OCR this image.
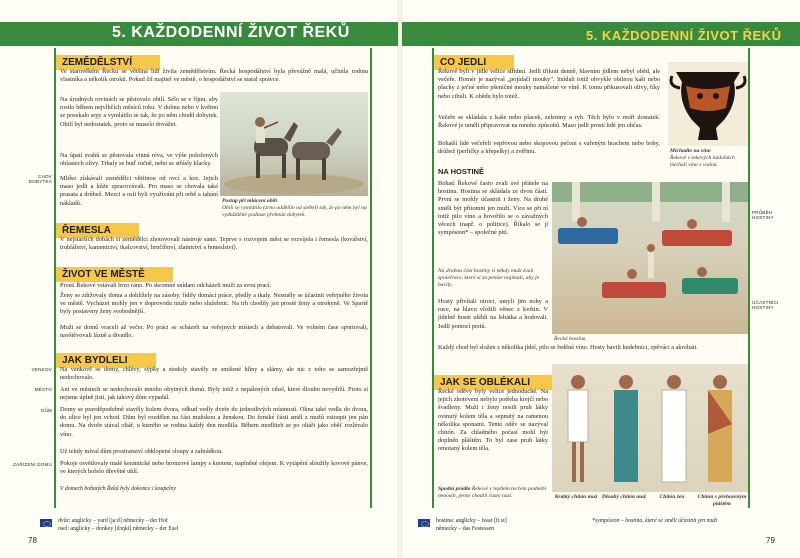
5. KAŽDODENNÍ ŽIVOT ŘEKŮ	5. KAŽDODENNÍ ŽIVOT ŘEKŮ
ZEMĚDĚLSTVÍ
Ve starověkém Řecku se většina lidí živila zemědělstvím. Řecká hospodářství byla převážně malá, učinila rodinu vlastníka a několik otroků. Pokud žil majitel ve městě, o hospodářství se staral správce.
Na úrodných rovinách se pěstovalo obilí. Sélo se v říjnu, aby rostlo během nejvlhčích měsíců roku. V dubnu nebo v květnu se posekalo srpy a vymlátilo se tak, že po něm chodil dobytek. Obilí byl nedostatek, proto se muselo dovážet.
Na úpatí svahů se pěstovala vinná réva, ve výše položených oblastech olivy. Trhaly se buď ručně, nebo se střásly klacky.
Mléko získávali zemědělci většinou od ovcí a koz. Jejich maso jedli a kůže zpracovávali. Pro maso se chovala také prasata a drůbež. Mezci a osli byli využíváni při orbě a tahání nákladů.	Postup při mlácení obilí
Obilí se vymlátilo (zrno oddělilo od stébel) tak, že po něm byl na vydlážděné podlaze přehnán dobytek.
ŘEMESLA
V nejstarších dobách si zemědělci zhotovovali nástroje sami. Teprve s rozvojem měst se rozvíjela i řemesla (kovářství, truhlářství, kamenictví, tkalcovství, hrnčířství, zlatnictví a řemeslství).
ŽIVOT VE MĚSTĚ
Prostí Řekové vstávali brzo ráno. Po skromné snídani odcházeli muži za svou prací.
Ženy se zdržovaly doma a dohlížely na zásoby, řídily domácí práce, předly a tkaly. Nesměly se účastnit veřejného života ve městě. Vycházet mohly jen v doprovodu muže nebo služebnic. Na trh chodily jen prosté ženy a otrokyně. Ve Spartě byly postaveny ženy svobodnější.
Muži se domů vraceli až večer. Po práci se scházeli na veřejných místech a debatovali. Ve volném čase sportovali, navštěvovali lázně a divadlo.
JAK BYDLELI
Na venkově se domy, chlévy, sýpky a stodoly stavěly ze smíšené hlíny a slámy, ale nic z toho se samozřejmě nedochovalo.
Ani ve městech se nedochovalo mnoho obytných domů. Byly totiž z nepálených cihel, které dlouho nevydrží. Proto si nejsme úplně jisti, jak takový dům vypadal.
Domy se pravděpodobně stavěly kolem dvora, odkud vedly dveře do jednotlivých místností. Okna také vedla do dvora, do ulice byl jen vchod. Dům byl rozdělen na část mužskou a ženskou. Do ženské části směl z mužů vstoupit jen pán domu. Na dvoře stával oltář, u kterého se rodina každý den modlila. Během modliteb se po oltáři jako oběť rozlévalo víno.
Už tehdy míval dům prostranství obklopené sloupy a zahrádkou.
Pokoje osvětlovaly malé keramické nebo bronzové lampy s knotem, naplněné olejem. K vytápění sloužily kovové pánve, ve kterých hořelo dřevěné uhlí.
V domech bohatých Řeků byly dokonce i koupelny
CHOV DOBYTKA
VENKOV
MĚSTO
DŮM
ZAŘÍZENÍ DOMU
dvůr: anglicky – yard [jaːd] německy – der Hof
osel: anglicky – donkey [dɔŋki] německy – der Esel
78
CO JEDLI
Řekové byli v jídle velice střídmí. Jedli třikrát denně, hlavním jídlem nebyl oběd, ale večeře. Homér je nazýval „pojídači mouky". Snídali totiž obvykle obilnou kaši nebo placky z ječné nebo pšeničné mouky namáčené ve víně. K tomu přikusovali olivy, fíky nebo cibuli. K obědu bylo totéž.
Večeře se skládala z kaše nebo placek, zeleniny a ryb. Těch bylo v moři dostatek. Řekové je uměli připravovat na mnoho způsobů. Maso jedli prostí lidé jen občas.
Bohatší lidé večeřeli vepřovou nebo skopovou pečeni s vařeným hrachem nebo boby, drůbež (perličky a křepelky) a zvěřinu.	Míchadlo na víno
Řekové v takových nádobách míchali víno s vodou.
NA HOSTINĚ
Bohatí Řekové často zvali své přátele na hostinu. Hostina se skládala ze dvou částí. První se mohly účastnit i ženy. Na druhé směli být přítomni jen muži. Více se při ní totiž pilo víno a hovořilo se o závažných věcech (např. o politice). Říkalo se jí sympósion* – společné pití.
Na druhou část hostiny si někdy muži zvali společnice, které si za peníze najímali, aby je bavily.
Hosty přivítali otroci, umyli jim nohy a ruce, na hlavu vložili věnec z květin. V jídelně hosté uléhli na lehátka a hodovali. Jedli pomocí prstů.
Každý chod byl složen z několika jídel, pilo se ředěné víno. Hosty bavili hudebníci, zpěváci a akrobati.
Řecká hostina
JAK SE OBLÉKALI
Řecké oděvy byly velice jednoduché. Na jejich zhotovení nebylo potřeba krejčí nebo švadleny. Muži i ženy nosili pruh látky ovinutý kolem těla a sepnutý na ramenou několika sponami. Tento oděv se nazýval chitón. Za chladného počasí mohl být doplněn pláštěm. To byl zase pruh látky omotaný kolem těla.
Spodní prádlo Řekové v tepllém tecčem podnebí nenosili, proto chodili často nazí.	Krátký chitón muž Dlouhý chitón muž	Chitón žen	Chitón s přehozeným pláštěm
PRŮBĚH HOSTINY
ÚČASTNÍCI HOSTINY
hostina: anglicky – feast [fiːst]
německy – das Festessen
*sympósion – hostina, které se směli účastnit jen muži
79
